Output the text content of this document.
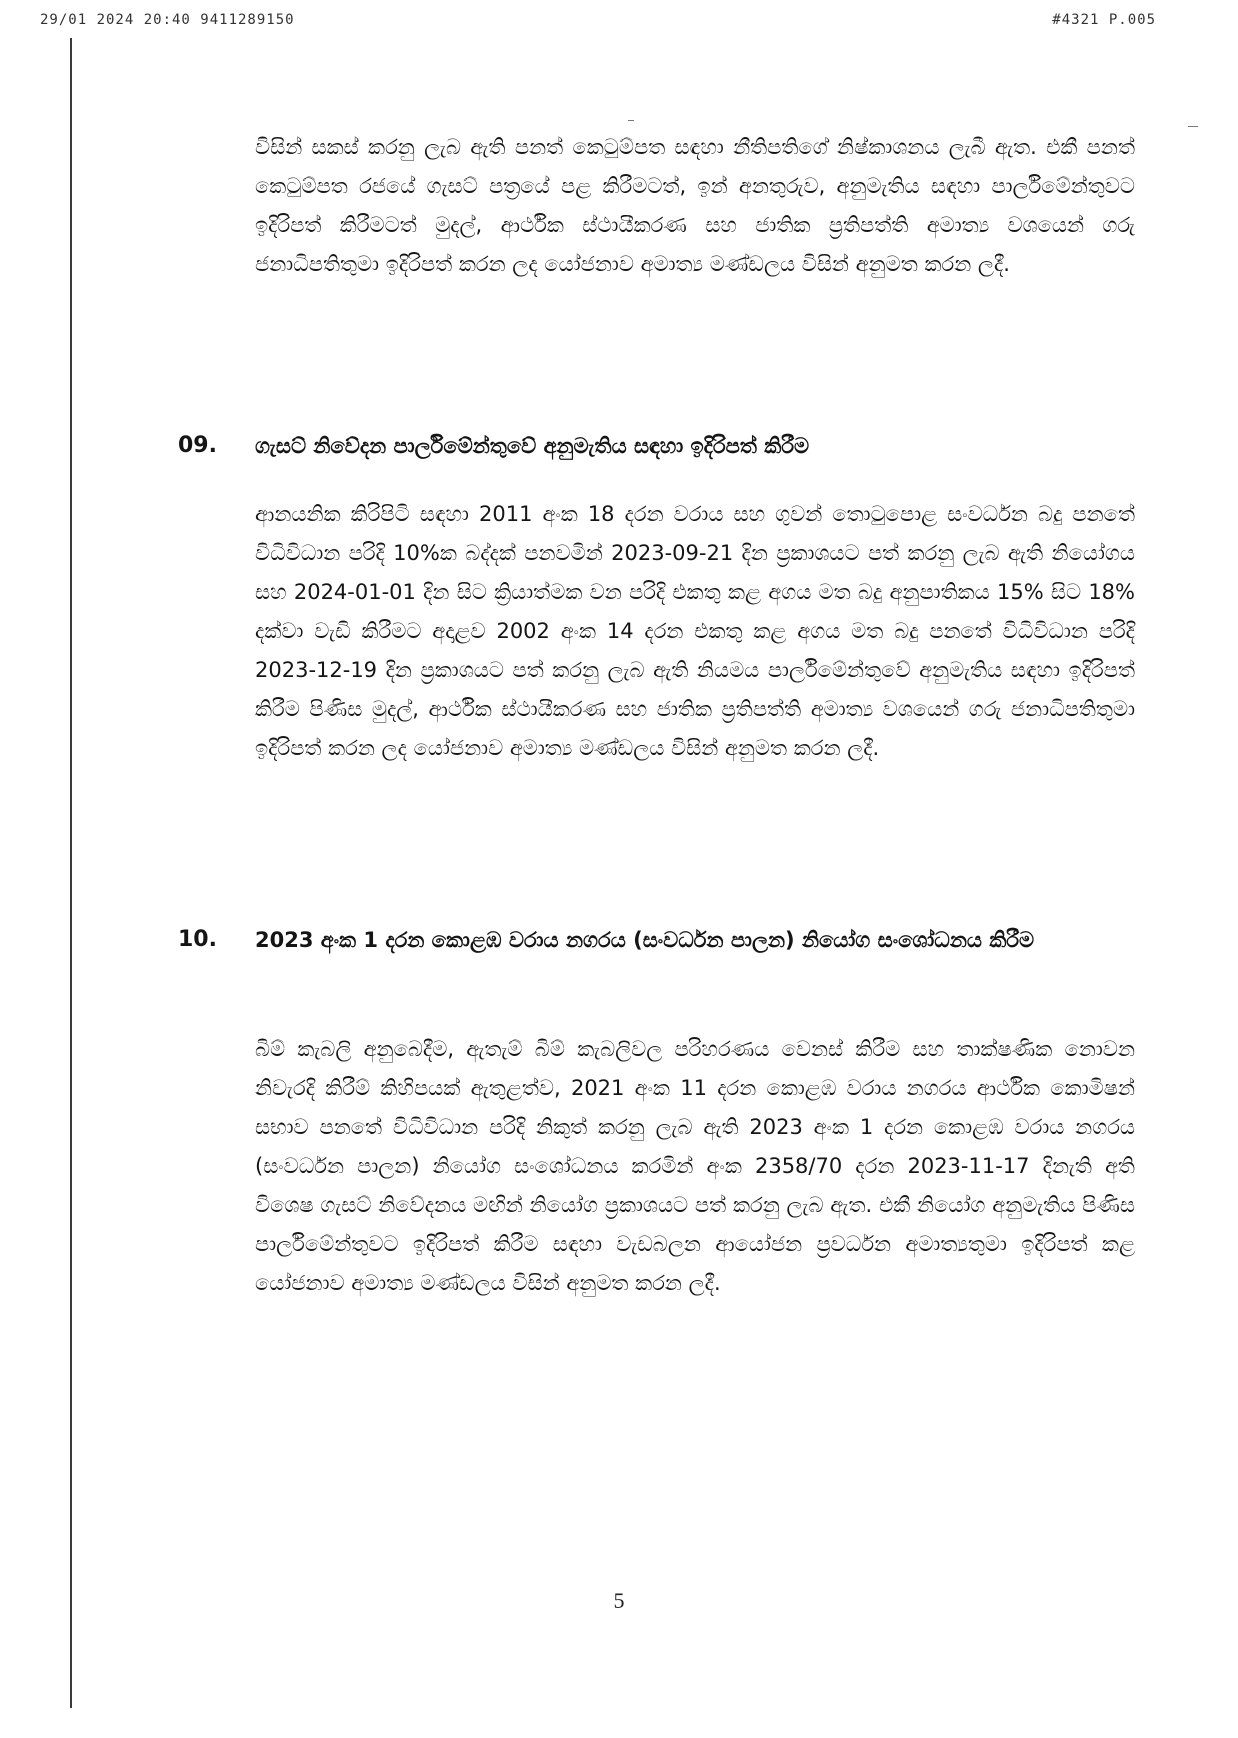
29/01 2024 20:40 9411289150	#4321 P.005

විසින් සකස් කරනු ලැබ ඇති පනත් කෙටුම්පත සඳහා නීතිපතිගේ නිෂ්කාශනය ලැබී ඇත. එකී පනත් කෙටුම්පත රජයේ ගැසට් පත්‍රයේ පළ කිරීමටත්, ඉන් අනතුරුව, අනුමැතිය සඳහා පාර්ලිමේන්තුවට ඉදිරිපත් කිරීමටත් මුදල්, ආර්ථික ස්ථායීකරණ සහ ජාතික ප්‍රතිපත්ති අමාත්‍ය වශයෙන් ගරු ජනාධිපතිතුමා ඉදිරිපත් කරන ලද යෝජනාව අමාත්‍ය මණ්ඩලය විසින් අනුමත කරන ලදී.

09. ගැසට් නිවේදන පාර්ලිමේන්තුවේ අනුමැතිය සඳහා ඉදිරිපත් කිරීම

ආනයනික කිරිපිටි සඳහා 2011 අංක 18 දරන වරාය සහ ගුවන් තොටුපොළ සංවර්ධන බදු පනතේ විධිවිධාන පරිදි 10%ක බද්දක් පනවමින් 2023-09-21 දින ප්‍රකාශයට පත් කරනු ලැබ ඇති නියෝගය සහ 2024-01-01 දින සිට ක්‍රියාත්මක වන පරිදි එකතු කළ අගය මත බදු අනුපාතිකය 15% සිට 18% දක්වා වැඩි කිරීමට අදාළව 2002 අංක 14 දරන එකතු කළ අගය මත බදු පනතේ විධිවිධාන පරිදි 2023-12-19 දින ප්‍රකාශයට පත් කරනු ලැබ ඇති නියමය පාර්ලිමේන්තුවේ අනුමැතිය සඳහා ඉදිරිපත් කිරීම පිණිස මුදල්, ආර්ථික ස්ථායීකරණ සහ ජාතික ප්‍රතිපත්ති අමාත්‍ය වශයෙන් ගරු ජනාධිපතිතුමා ඉදිරිපත් කරන ලද යෝජනාව අමාත්‍ය මණ්ඩලය විසින් අනුමත කරන ලදී.

10. 2023 අංක 1 දරන කොළඹ වරාය නගරය (සංවර්ධන පාලන) නියෝග සංශෝධනය කිරීම

බිම් කැබලි අනුබෙදීම, ඇතැම් බිම් කැබලිවල පරිහරණය වෙනස් කිරීම සහ තාක්ෂණික නොවන නිවැරදි කිරීම් කිහිපයක් ඇතුළත්ව, 2021 අංක 11 දරන කොළඹ වරාය නගරය ආර්ථික කොමිෂන් සභාව පනතේ විධිවිධාන පරිදි නිකුත් කරනු ලැබ ඇති 2023 අංක 1 දරන කොළඹ වරාය නගරය (සංවර්ධන පාලන) නියෝග සංශෝධනය කරමින් අංක 2358/70 දරන 2023-11-17 දිනැති අති විශෙෂ ගැසට් නිවේදනය මඟින් නියෝග ප්‍රකාශයට පත් කරනු ලැබ ඇත. එකී නියෝග අනුමැතිය පිණිස පාර්ලිමේන්තුවට ඉදිරිපත් කිරීම සඳහා වැඩබලන ආයෝජන ප්‍රවර්ධන අමාත්‍යතුමා ඉදිරිපත් කළ යෝජනාව අමාත්‍ය මණ්ඩලය විසින් අනුමත කරන ලදී.

5
